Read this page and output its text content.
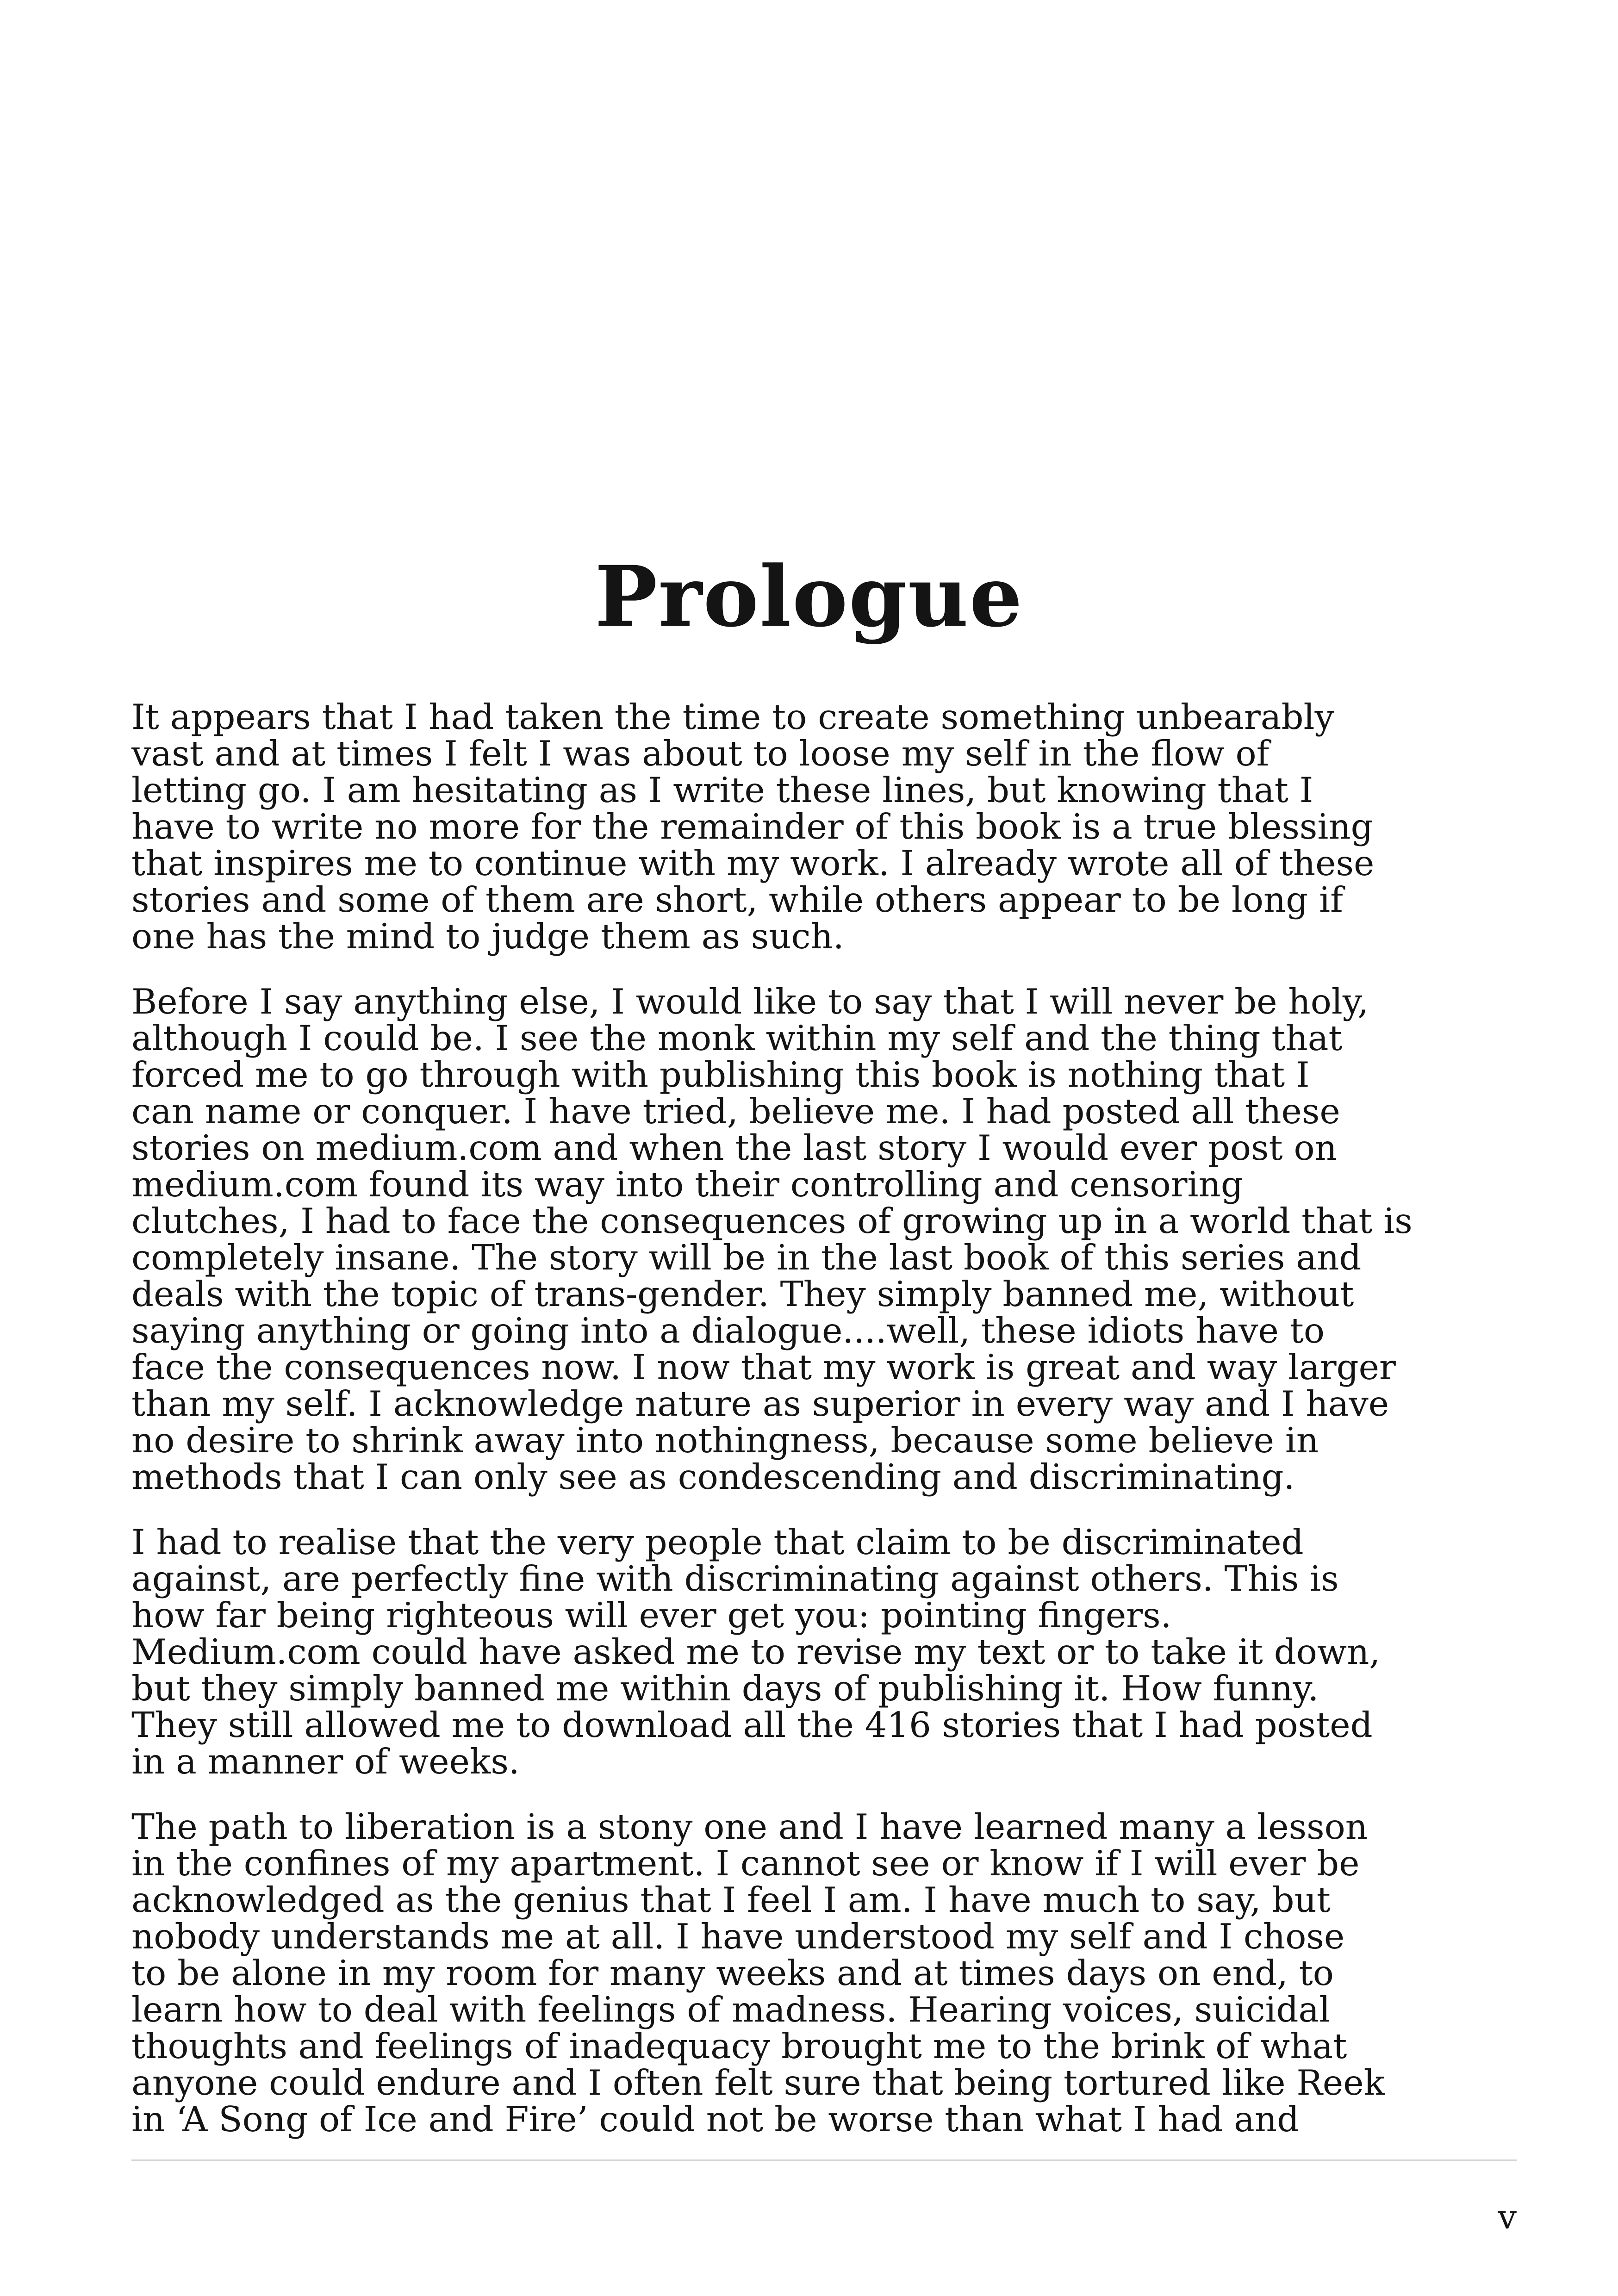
Prologue

It appears that I had taken the time to create something unbearably
vast and at times I felt I was about to loose my self in the flow of
letting go. I am hesitating as I write these lines, but knowing that I
have to write no more for the remainder of this book is a true blessing
that inspires me to continue with my work. I already wrote all of these
stories and some of them are short, while others appear to be long if
one has the mind to judge them as such.

Before I say anything else, I would like to say that I will never be holy,
although I could be. I see the monk within my self and the thing that
forced me to go through with publishing this book is nothing that I
can name or conquer. I have tried, believe me. I had posted all these
stories on medium.com and when the last story I would ever post on
medium.com found its way into their controlling and censoring
clutches, I had to face the consequences of growing up in a world that is
completely insane. The story will be in the last book of this series and
deals with the topic of trans-gender. They simply banned me, without
saying anything or going into a dialogue....well, these idiots have to
face the consequences now. I now that my work is great and way larger
than my self. I acknowledge nature as superior in every way and I have
no desire to shrink away into nothingness, because some believe in
methods that I can only see as condescending and discriminating.

I had to realise that the very people that claim to be discriminated
against, are perfectly fine with discriminating against others. This is
how far being righteous will ever get you: pointing fingers.
Medium.com could have asked me to revise my text or to take it down,
but they simply banned me within days of publishing it. How funny.
They still allowed me to download all the 416 stories that I had posted
in a manner of weeks.

The path to liberation is a stony one and I have learned many a lesson
in the confines of my apartment. I cannot see or know if I will ever be
acknowledged as the genius that I feel I am. I have much to say, but
nobody understands me at all. I have understood my self and I chose
to be alone in my room for many weeks and at times days on end, to
learn how to deal with feelings of madness. Hearing voices, suicidal
thoughts and feelings of inadequacy brought me to the brink of what
anyone could endure and I often felt sure that being tortured like Reek
in ‘A Song of Ice and Fire’ could not be worse than what I had and

v
